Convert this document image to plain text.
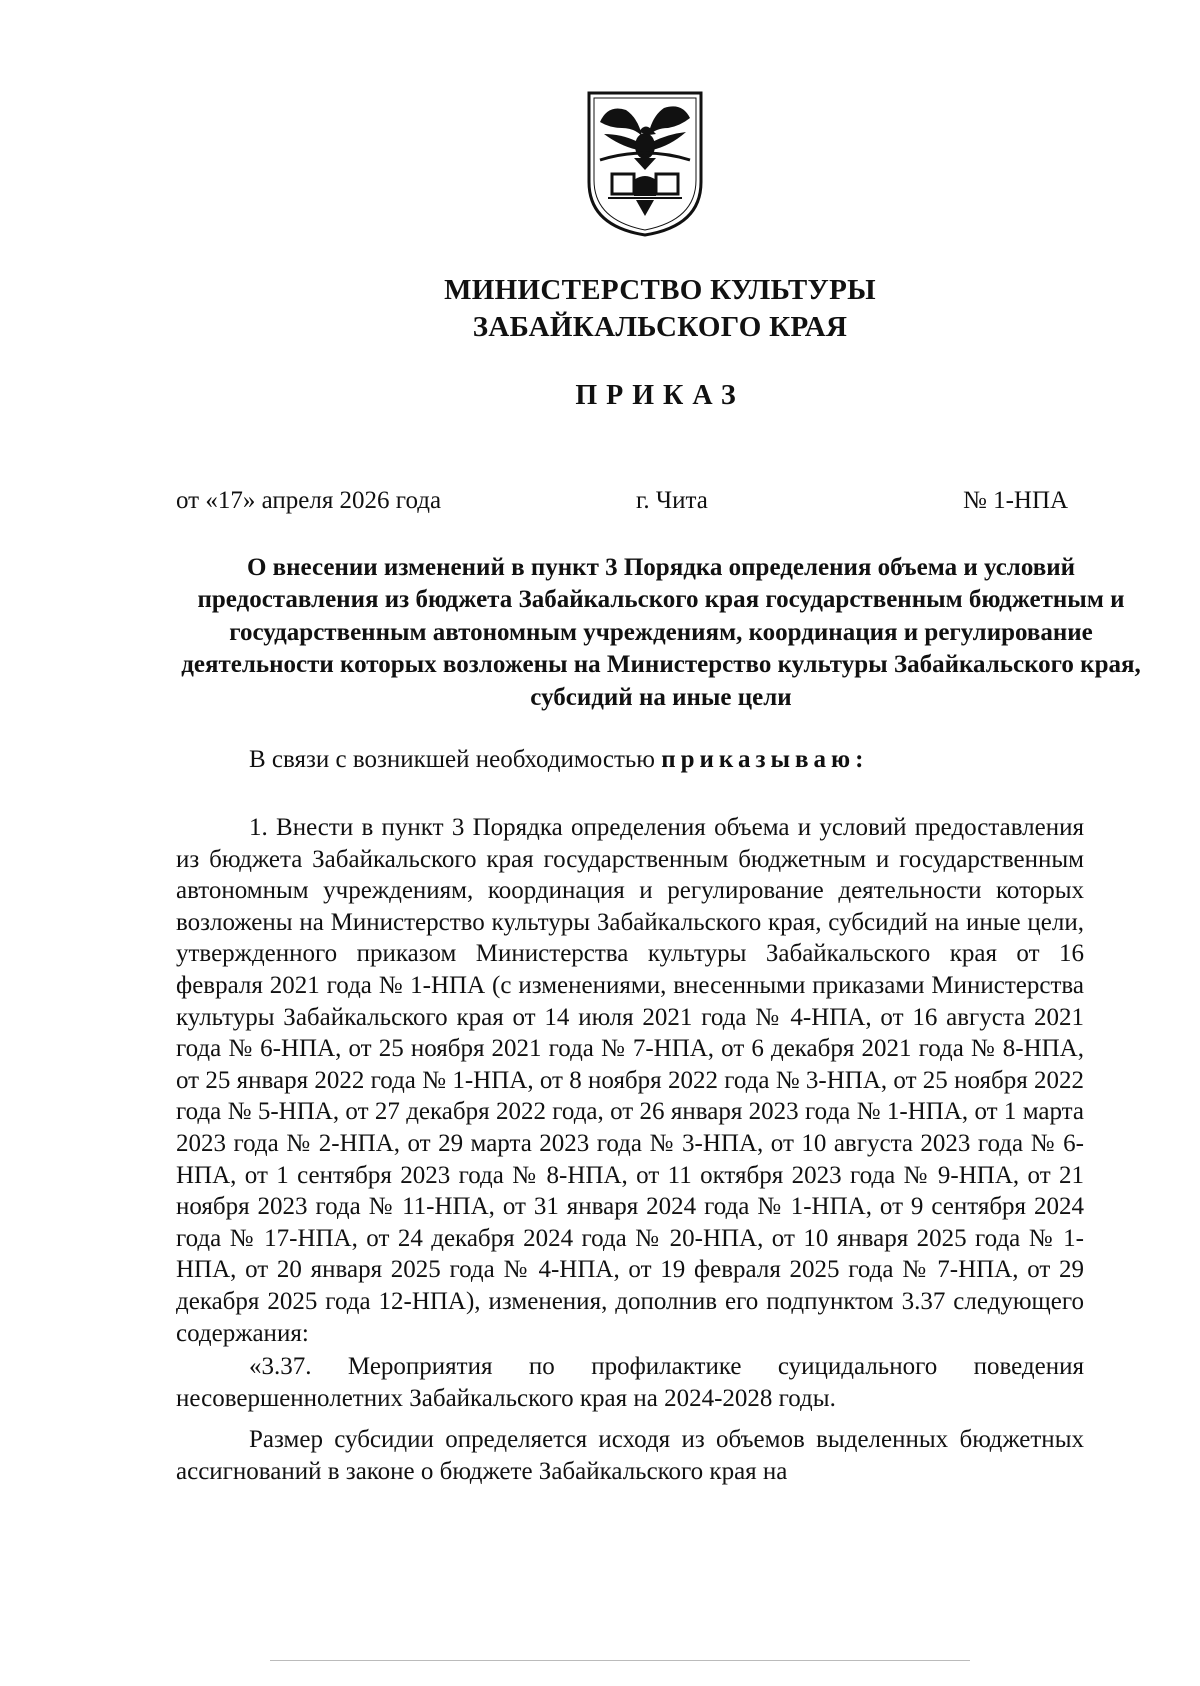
МИНИСТЕРСТВО КУЛЬТУРЫ
ЗАБАЙКАЛЬСКОГО КРАЯ
ПРИКАЗ
от «17» апреля 2026 года	г. Чита	№ 1-НПА
О внесении изменений в пункт 3 Порядка определения объема и условий предоставления из бюджета Забайкальского края государственным бюджетным и государственным автономным учреждениям, координация и регулирование деятельности которых возложены на Министерство культуры Забайкальского края, субсидий на иные цели
В связи с возникшей необходимостью приказываю:

1. Внести в пункт 3 Порядка определения объема и условий предоставления из бюджета Забайкальского края государственным бюджетным и государственным автономным учреждениям, координация и регулирование деятельности которых возложены на Министерство культуры Забайкальского края, субсидий на иные цели, утвержденного приказом Министерства культуры Забайкальского края от 16 февраля 2021 года № 1-НПА (с изменениями, внесенными приказами Министерства культуры Забайкальского края от 14 июля 2021 года № 4-НПА, от 16 августа 2021 года № 6-НПА, от 25 ноября 2021 года № 7-НПА, от 6 декабря 2021 года № 8-НПА, от 25 января 2022 года № 1-НПА, от 8 ноября 2022 года № 3-НПА, от 25 ноября 2022 года № 5-НПА, от 27 декабря 2022 года, от 26 января 2023 года № 1-НПА, от 1 марта 2023 года № 2-НПА, от 29 марта 2023 года № 3-НПА, от 10 августа 2023 года № 6-НПА, от 1 сентября 2023 года № 8-НПА, от 11 октября 2023 года № 9-НПА, от 21 ноября 2023 года № 11-НПА, от 31 января 2024 года № 1-НПА, от 9 сентября 2024 года № 17-НПА, от 24 декабря 2024 года № 20-НПА, от 10 января 2025 года № 1-НПА, от 20 января 2025 года № 4-НПА, от 19 февраля 2025 года № 7-НПА, от 29 декабря 2025 года 12-НПА), изменения, дополнив его подпунктом 3.37 следующего содержания:

«3.37. Мероприятия по профилактике суицидального поведения несовершеннолетних Забайкальского края на 2024-2028 годы.

Размер субсидии определяется исходя из объемов выделенных бюджетных ассигнований в законе о бюджете Забайкальского края на
